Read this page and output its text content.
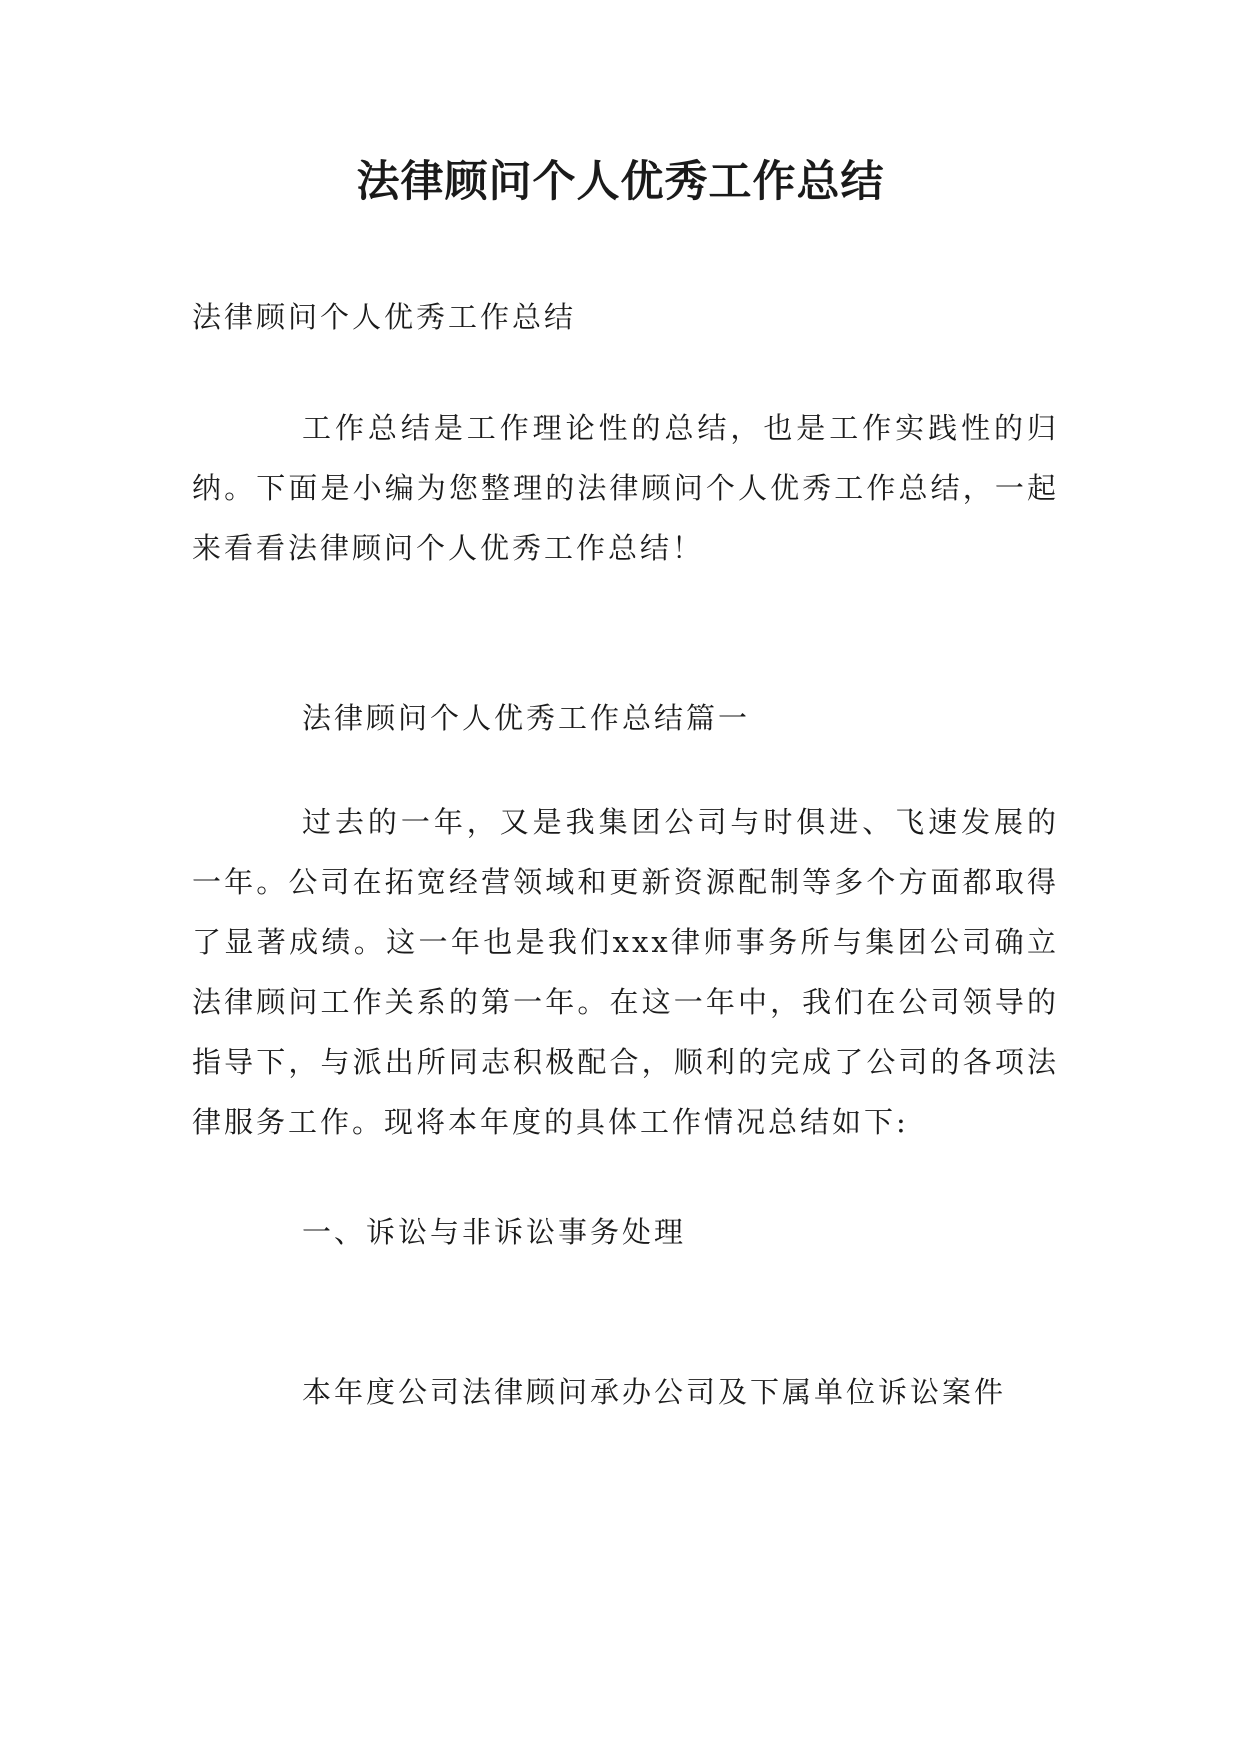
法律顾问个人优秀工作总结

法律顾问个人优秀工作总结

工作总结是工作理论性的总结，也是工作实践性的归纳。下面是小编为您整理的法律顾问个人优秀工作总结，一起来看看法律顾问个人优秀工作总结！

法律顾问个人优秀工作总结篇一

过去的一年，又是我集团公司与时俱进、飞速发展的一年。公司在拓宽经营领域和更新资源配制等多个方面都取得了显著成绩。这一年也是我们xxx律师事务所与集团公司确立法律顾问工作关系的第一年。在这一年中，我们在公司领导的指导下，与派出所同志积极配合，顺利的完成了公司的各项法律服务工作。现将本年度的具体工作情况总结如下:

一、诉讼与非诉讼事务处理

本年度公司法律顾问承办公司及下属单位诉讼案件
